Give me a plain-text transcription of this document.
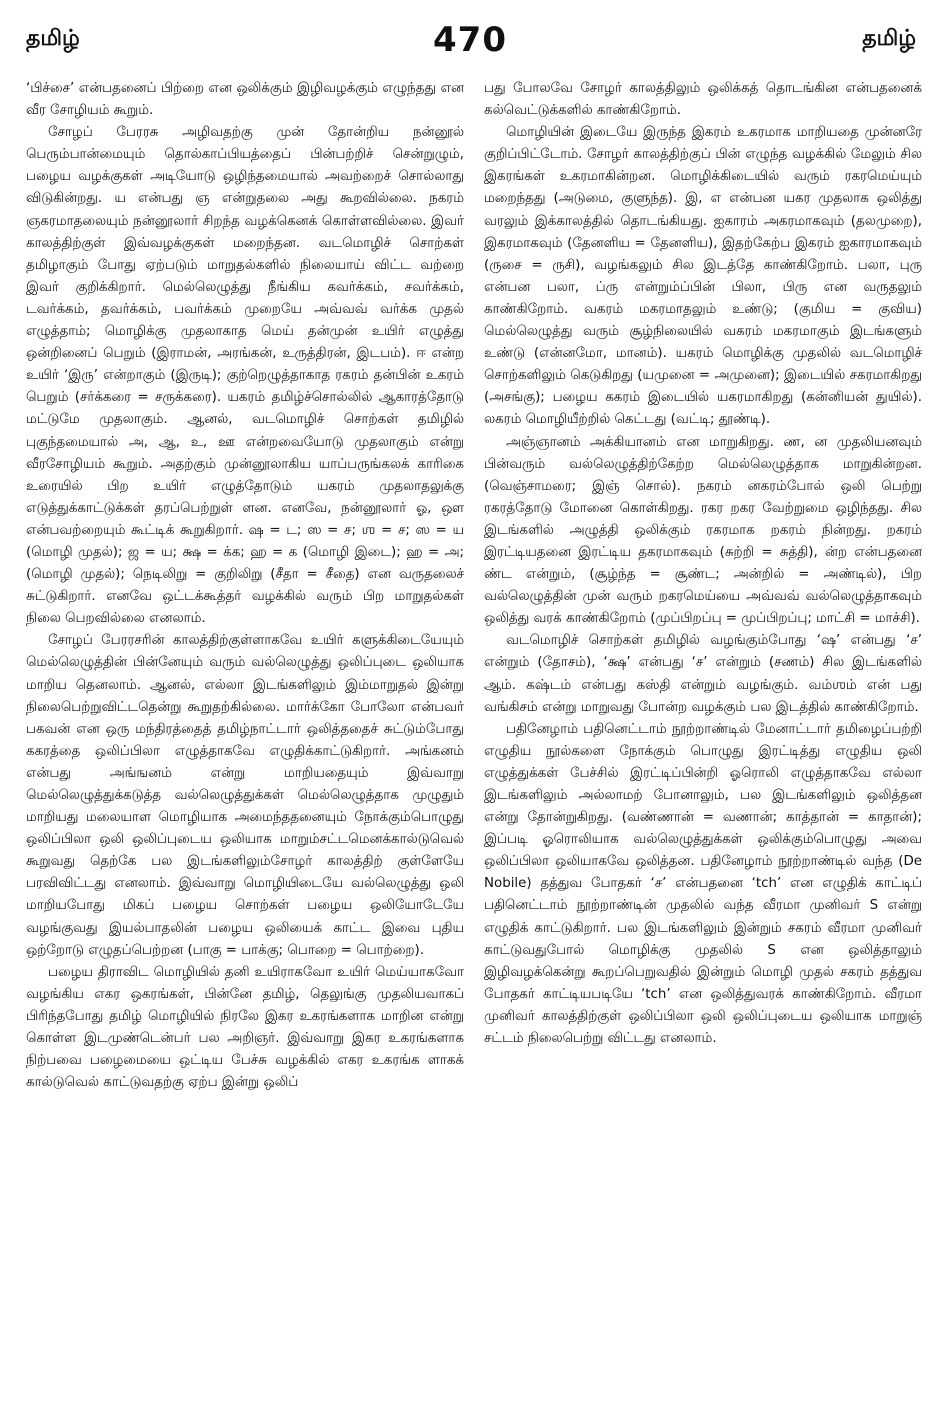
தமிழ்	470	தமிழ்

‘பிச்சை’ என்பதனைப் பிற்றை என ஒலிக்கும் இழிவழக்கும் எழுந்தது என வீர சோழியம் கூறும்.

சோழப் பேரரசு அழிவதற்கு முன் தோன்றிய நன்னூல் பெரும்பான்மையும் தொல்காப்பியத்தைப் பின்பற்றிச் சென்றுழும், பழைய வழக்குகள் அடியோடு ஒழிந்தமையால் அவற்றைச் சொல்லாது விடுகின்றது. ய என்பது ஞ என்றுதலை அது கூறவில்லை. நகரம் ஞகரமாதலையும் நன்னூலார் சிறந்த வழக்கெனக் கொள்ளவில்லை. இவர் காலத்திற்குள் இவ்வழக்குகள் மறைந்தன. வடமொழிச் சொற்கள் தமிழாகும் போது ஏற்படும் மாறுதல்களில் நிலையாய் விட்ட வற்றை இவர் குறிக்கிறார். மெல்லெழுத்து நீங்கிய கவர்க்கம், சவர்க்கம், டவர்க்கம், தவர்க்கம், பவர்க்கம் முறையே அவ்வவ் வர்க்க முதல் எழுத்தாம்; மொழிக்கு முதலாகாத மெய் தன்முன் உயிர் எழுத்து ஒன்றினைப் பெறும் (இராமன், அரங்கன், உருத்திரன், இடபம்). ஈ என்ற உயிர் ‘இரு’ என்றாகும் (இருடி); குற்றெழுத்தாகாத ரகரம் தன்பின் உகரம் பெறும் (சர்க்கரை = சருக்கரை). யகரம் தமிழ்ச்சொல்லில் ஆகாரத்தோடு மட்டுமே முதலாகும். ஆனல், வடமொழிச் சொற்கள் தமிழில் புகுந்தமையால் அ, ஆ, உ, ஊ என்றவையோடு முதலாகும் என்று வீரசோழியம் கூறும். அதற்கும் முன்னூலாகிய யாப்பருங்கலக் காரிகை உரையில் பிற உயிர் எழுத்தோடும் யகரம் முதலாதலுக்கு எடுத்துக்காட்டுக்கள் தரப்பெற்றுள் ளன. எனவே, நன்னூலார் ஓ, ஔ என்பவற்றையும் கூட்டிக் கூறுகிறார். ஷ = ட; ஸ = ச; ஶ = ச; ஸ = ய (மொழி முதல்); ஜ = ய; க்ஷ = க்க; ஹ = க (மொழி இடை); ஹ = அ; (மொழி முதல்); நெடிலிறு = குறிலிறு (சீதா = சீதை) என வருதலைச் சுட்டுகிறார். எனவே ஒட்டக்கூத்தர் வழக்கில் வரும் பிற மாறுதல்கள் நிலை பெறவில்லை எனலாம்.

சோழப் பேரரசரின் காலத்திற்குள்ளாகவே உயிர் களுக்கிடையேயும் மெல்லெழுத்தின் பின்னேயும் வரும் வல்லெழுத்து ஒலிப்புடை ஒலியாக மாறிய தெனலாம். ஆனல், எல்லா இடங்களிலும் இம்மாறுதல் இன்று நிலைபெற்றுவிட்டதென்று கூறுதற்கில்லை. மார்க்கோ போலோ என்பவர் பகவன் என ஒரு மந்திரத்தைத் தமிழ்நாட்டார் ஒலித்ததைச் சுட்டும்போது ககரத்தை ஒலிப்பிலா எழுத்தாகவே எழுதிக்காட்டுகிறார். அங்கனம் என்பது அங்ஙனம் என்று மாறியதையும் இவ்வாறு மெல்லெழுத்துக்கடுத்த வல்லெழுத்துக்கள் மெல்லெழுத்தாக முழுதும் மாறியது மலையாள மொழியாக அமைந்ததனையும் நோக்கும்பொழுது ஒலிப்பிலா ஒலி ஒலிப்புடைய ஒலியாக மாறும்சட்டமெனக்கால்டுவெல் கூறுவது தெற்கே பல இடங்களிலும்சோழர் காலத்திற் குள்ளேயே பரவிவிட்டது எனலாம். இவ்வாறு மொழியிடையே வல்லெழுத்து ஒலி மாறியபோது மிகப் பழைய சொற்கள் பழைய ஒலியோடேயே வழங்குவது இயல்பாதலின் பழைய ஒலியைக் காட்ட இவை புதிய ஒற்றோடு எழுதப்பெற்றன (பாகு = பாக்கு; பொறை = பொற்றை).

பழைய திராவிட மொழியில் தனி உயிராகவோ உயிர் மெய்யாகவோ வழங்கிய எகர ஒகரங்கள், பின்னே தமிழ், தெலுங்கு முதலியவாகப் பிரிந்தபோது தமிழ் மொழியில் நிரலே இகர உகரங்களாக மாறின என்று கொள்ள இடமுண்டென்பர் பல அறிஞர். இவ்வாறு இகர உகரங்களாக நிற்பவை பழைமையை ஒட்டிய பேச்சு வழக்கில் எகர உகரங்க ளாகக் கால்டுவெல் காட்டுவதற்கு ஏற்ப இன்று ஒலிப்

பது போலவே சோழர் காலத்திலும் ஒலிக்கத் தொடங்கின என்பதனைக் கல்வெட்டுக்களில் காண்கிறோம்.

மொழியின் இடையே இருந்த இகரம் உகரமாக மாறியதை முன்னரே குறிப்பிட்டோம். சோழர் காலத்திற்குப் பின் எழுந்த வழக்கில் மேலும் சில இகரங்கள் உகரமாகின்றன. மொழிக்கிடையில் வரும் ரகரமெய்யும் மறைந்தது (அடுமை, குளுந்த). இ, எ என்பன யகர முதலாக ஒலித்து வரலும் இக்காலத்தில் தொடங்கியது. ஐகாரம் அகரமாகவும் (தலமுறை), இகரமாகவும் (தேனளிய = தேனளிய), இதற்கேற்ப இகரம் ஐகாரமாகவும் (ருசை = ருசி), வழங்கலும் சில இடத்தே காண்கிறோம். பலா, புரு என்பன பலா, ப்ரு என்றும்ப்பின் பிலா, பிரு என வருதலும் காண்கிறோம். வகரம் மகரமாதலும் உண்டு; (குமிய = குவிய) மெல்லெழுத்து வரும் சூழ்நிலையில் வகரம் மகரமாகும் இடங்களும் உண்டு (என்னமோ, மானம்). யகரம் மொழிக்கு முதலில் வடமொழிச் சொற்களிலும் கெடுகிறது (யமுனை = அமுனை); இடையில் சகரமாகிறது (அசங்கு); பழைய ககரம் இடையில் யகரமாகிறது (கன்னியன் துயில்). லகரம் மொழியீற்றில் கெட்டது (வட்டி; தூண்டி).

அஞ்ஞானம் அக்கியானம் என மாறுகிறது. ண, ன முதலியனவும் பின்வரும் வல்லெழுத்திற்கேற்ற மெல்லெழுத்தாக மாறுகின்றன. (வெஞ்சாமரை; இஞ் சொல்). நகரம் னகரம்போல் ஒலி பெற்று ரகரத்தோடு மோனை கொள்கிறது. ரகர றகர வேற்றுமை ஒழிந்தது. சில இடங்களில் அழுத்தி ஒலிக்கும் ரகரமாக றகரம் நின்றது. றகரம் இரட்டியதனை இரட்டிய தகரமாகவும் (சுற்றி = சுத்தி), ன்ற என்பதனை ண்ட என்றும், (சூழ்ந்த = சூண்ட; அன்றில் = அண்டில்), பிற வல்லெழுத்தின் முன் வரும் றகரமெய்யை அவ்வவ் வல்லெழுத்தாகவும் ஒலித்து வரக் காண்கிறோம் (முப்பிறப்பு = முப்பிறப்பு; மாட்சி = மாச்சி).

வடமொழிச் சொற்கள் தமிழில் வழங்கும்போது ‘ஷ’ என்பது ‘ச’ என்றும் (தோசம்), ‘க்ஷ’ என்பது ‘ச’ என்றும் (சணம்) சில இடங்களில் ஆம். கஷ்டம் என்பது கஸ்தி என்றும் வழங்கும். வம்ஶம் என் பது வங்கிசம் என்று மாறுவது போன்ற வழக்கும் பல இடத்தில் காண்கிறோம்.

பதினேழாம் பதினெட்டாம் நூற்றாண்டில் மேனாட்டார் தமிழைப்பற்றி எழுதிய நூல்களை நோக்கும் பொழுது இரட்டித்து எழுதிய ஒலி எழுத்துக்கள் பேச்சில் இரட்டிப்பின்றி ஓரொலி எழுத்தாகவே எல்லா இடங்களிலும் அல்லாமற் போனாலும், பல இடங்களிலும் ஒலித்தன என்று தோன்றுகிறது. (வண்ணான் = வணான்; காத்தான் = காதான்); இப்படி ஓரொலியாக வல்லெழுத்துக்கள் ஒலிக்கும்பொழுது அவை ஒலிப்பிலா ஒலியாகவே ஒலித்தன. பதினேழாம் நூற்றாண்டில் வந்த (De Nobile) தத்துவ போதகர் ‘ச’ என்பதனை ‘tch’ என எழுதிக் காட்டிப் பதினெட்டாம் நூற்றாண்டின் முதலில் வந்த வீரமா முனிவர் S என்று எழுதிக் காட்டுகிறார். பல இடங்களிலும் இன்றும் சகரம் வீரமா முனிவர் காட்டுவதுபோல் மொழிக்கு முதலில் S என ஒலித்தாலும் இழிவழக்கென்று கூறப்பெறுவதில் இன்றும் மொழி முதல் சகரம் தத்துவ போதகர் காட்டியபடியே ‘tch’ என ஒலித்துவரக் காண்கிறோம். வீரமா முனிவர் காலத்திற்குள் ஒலிப்பிலா ஒலி ஒலிப்புடைய ஒலியாக மாறுஞ் சட்டம் நிலைபெற்று விட்டது எனலாம்.
